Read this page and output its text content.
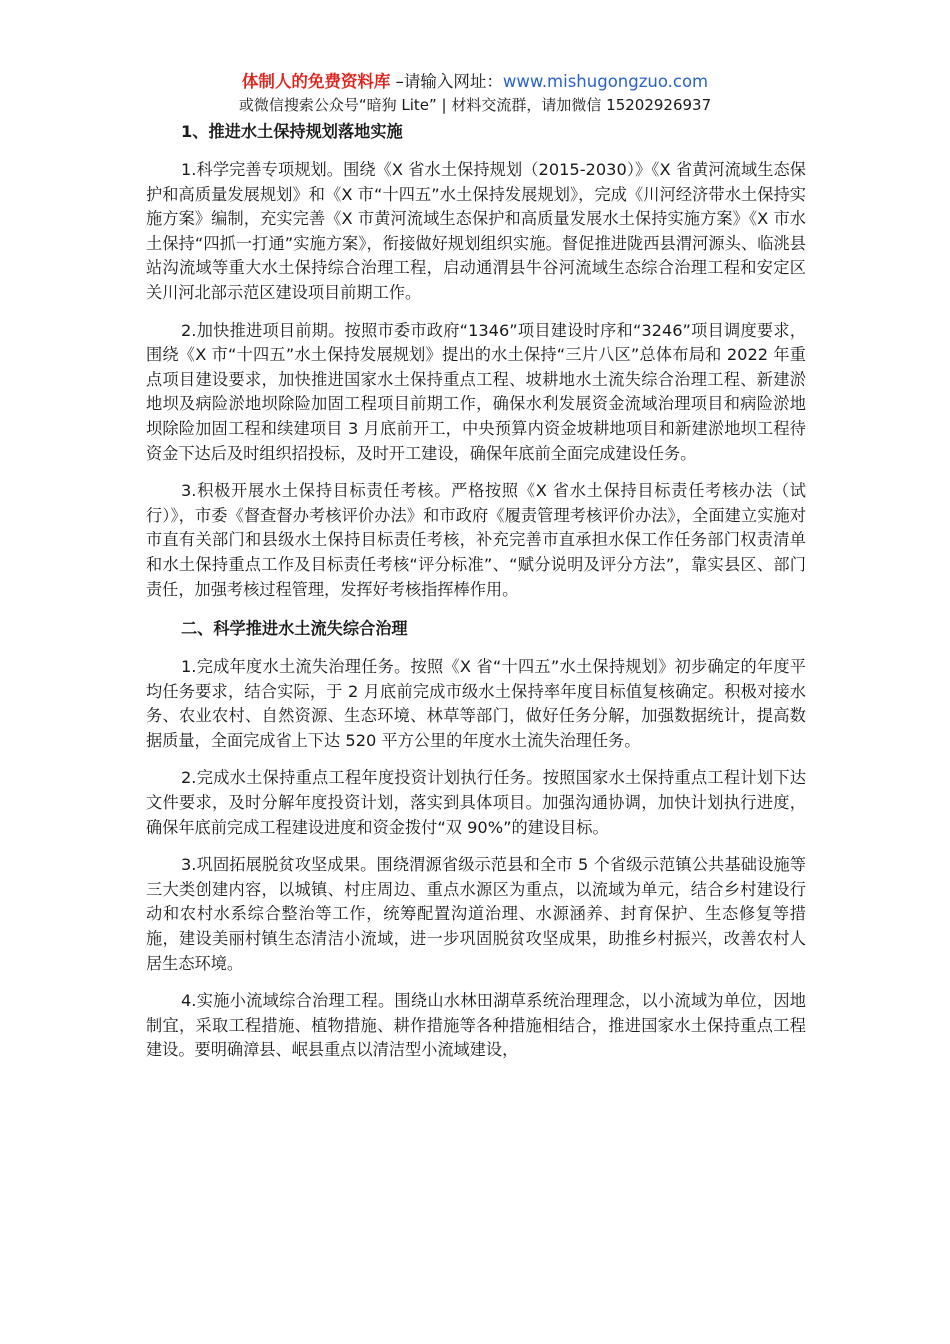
体制人的免费资料库 –请输入网址：www.mishugongzuo.com
或微信搜索公众号“暗狗 Lite” | 材料交流群，请加微信 15202926937
1、推进水土保持规划落地实施

1.科学完善专项规划。围绕《X 省水土保持规划（2015-2030）》《X 省黄河流域生态保护和高质量发展规划》和《X 市“十四五”水土保持发展规划》，完成《川河经济带水土保持实施方案》编制，充实完善《X 市黄河流域生态保护和高质量发展水土保持实施方案》《X 市水土保持“四抓一打通”实施方案》，衔接做好规划组织实施。督促推进陇西县渭河源头、临洮县站沟流域等重大水土保持综合治理工程，启动通渭县牛谷河流域生态综合治理工程和安定区关川河北部示范区建设项目前期工作。

2.加快推进项目前期。按照市委市政府“1346”项目建设时序和“3246”项目调度要求，围绕《X 市“十四五”水土保持发展规划》提出的水土保持“三片八区”总体布局和 2022 年重点项目建设要求，加快推进国家水土保持重点工程、坡耕地水土流失综合治理工程、新建淤地坝及病险淤地坝除险加固工程项目前期工作，确保水利发展资金流域治理项目和病险淤地坝除险加固工程和续建项目 3 月底前开工，中央预算内资金坡耕地项目和新建淤地坝工程待资金下达后及时组织招投标，及时开工建设，确保年底前全面完成建设任务。

3.积极开展水土保持目标责任考核。严格按照《X 省水土保持目标责任考核办法（试行）》，市委《督查督办考核评价办法》和市政府《履责管理考核评价办法》，全面建立实施对市直有关部门和县级水土保持目标责任考核，补充完善市直承担水保工作任务部门权责清单和水土保持重点工作及目标责任考核“评分标准”、“赋分说明及评分方法”，靠实县区、部门责任，加强考核过程管理，发挥好考核指挥棒作用。

二、科学推进水土流失综合治理

1.完成年度水土流失治理任务。按照《X 省“十四五”水土保持规划》初步确定的年度平均任务要求，结合实际，于 2 月底前完成市级水土保持率年度目标值复核确定。积极对接水务、农业农村、自然资源、生态环境、林草等部门，做好任务分解，加强数据统计，提高数据质量，全面完成省上下达 520 平方公里的年度水土流失治理任务。

2.完成水土保持重点工程年度投资计划执行任务。按照国家水土保持重点工程计划下达文件要求，及时分解年度投资计划，落实到具体项目。加强沟通协调，加快计划执行进度，确保年底前完成工程建设进度和资金拨付“双 90%”的建设目标。

3.巩固拓展脱贫攻坚成果。围绕渭源省级示范县和全市 5 个省级示范镇公共基础设施等三大类创建内容，以城镇、村庄周边、重点水源区为重点，以流域为单元，结合乡村建设行动和农村水系综合整治等工作，统筹配置沟道治理、水源涵养、封育保护、生态修复等措施，建设美丽村镇生态清洁小流域，进一步巩固脱贫攻坚成果，助推乡村振兴，改善农村人居生态环境。

4.实施小流域综合治理工程。围绕山水林田湖草系统治理理念，以小流域为单位，因地制宜，采取工程措施、植物措施、耕作措施等各种措施相结合，推进国家水土保持重点工程建设。要明确漳县、岷县重点以清洁型小流域建设，
